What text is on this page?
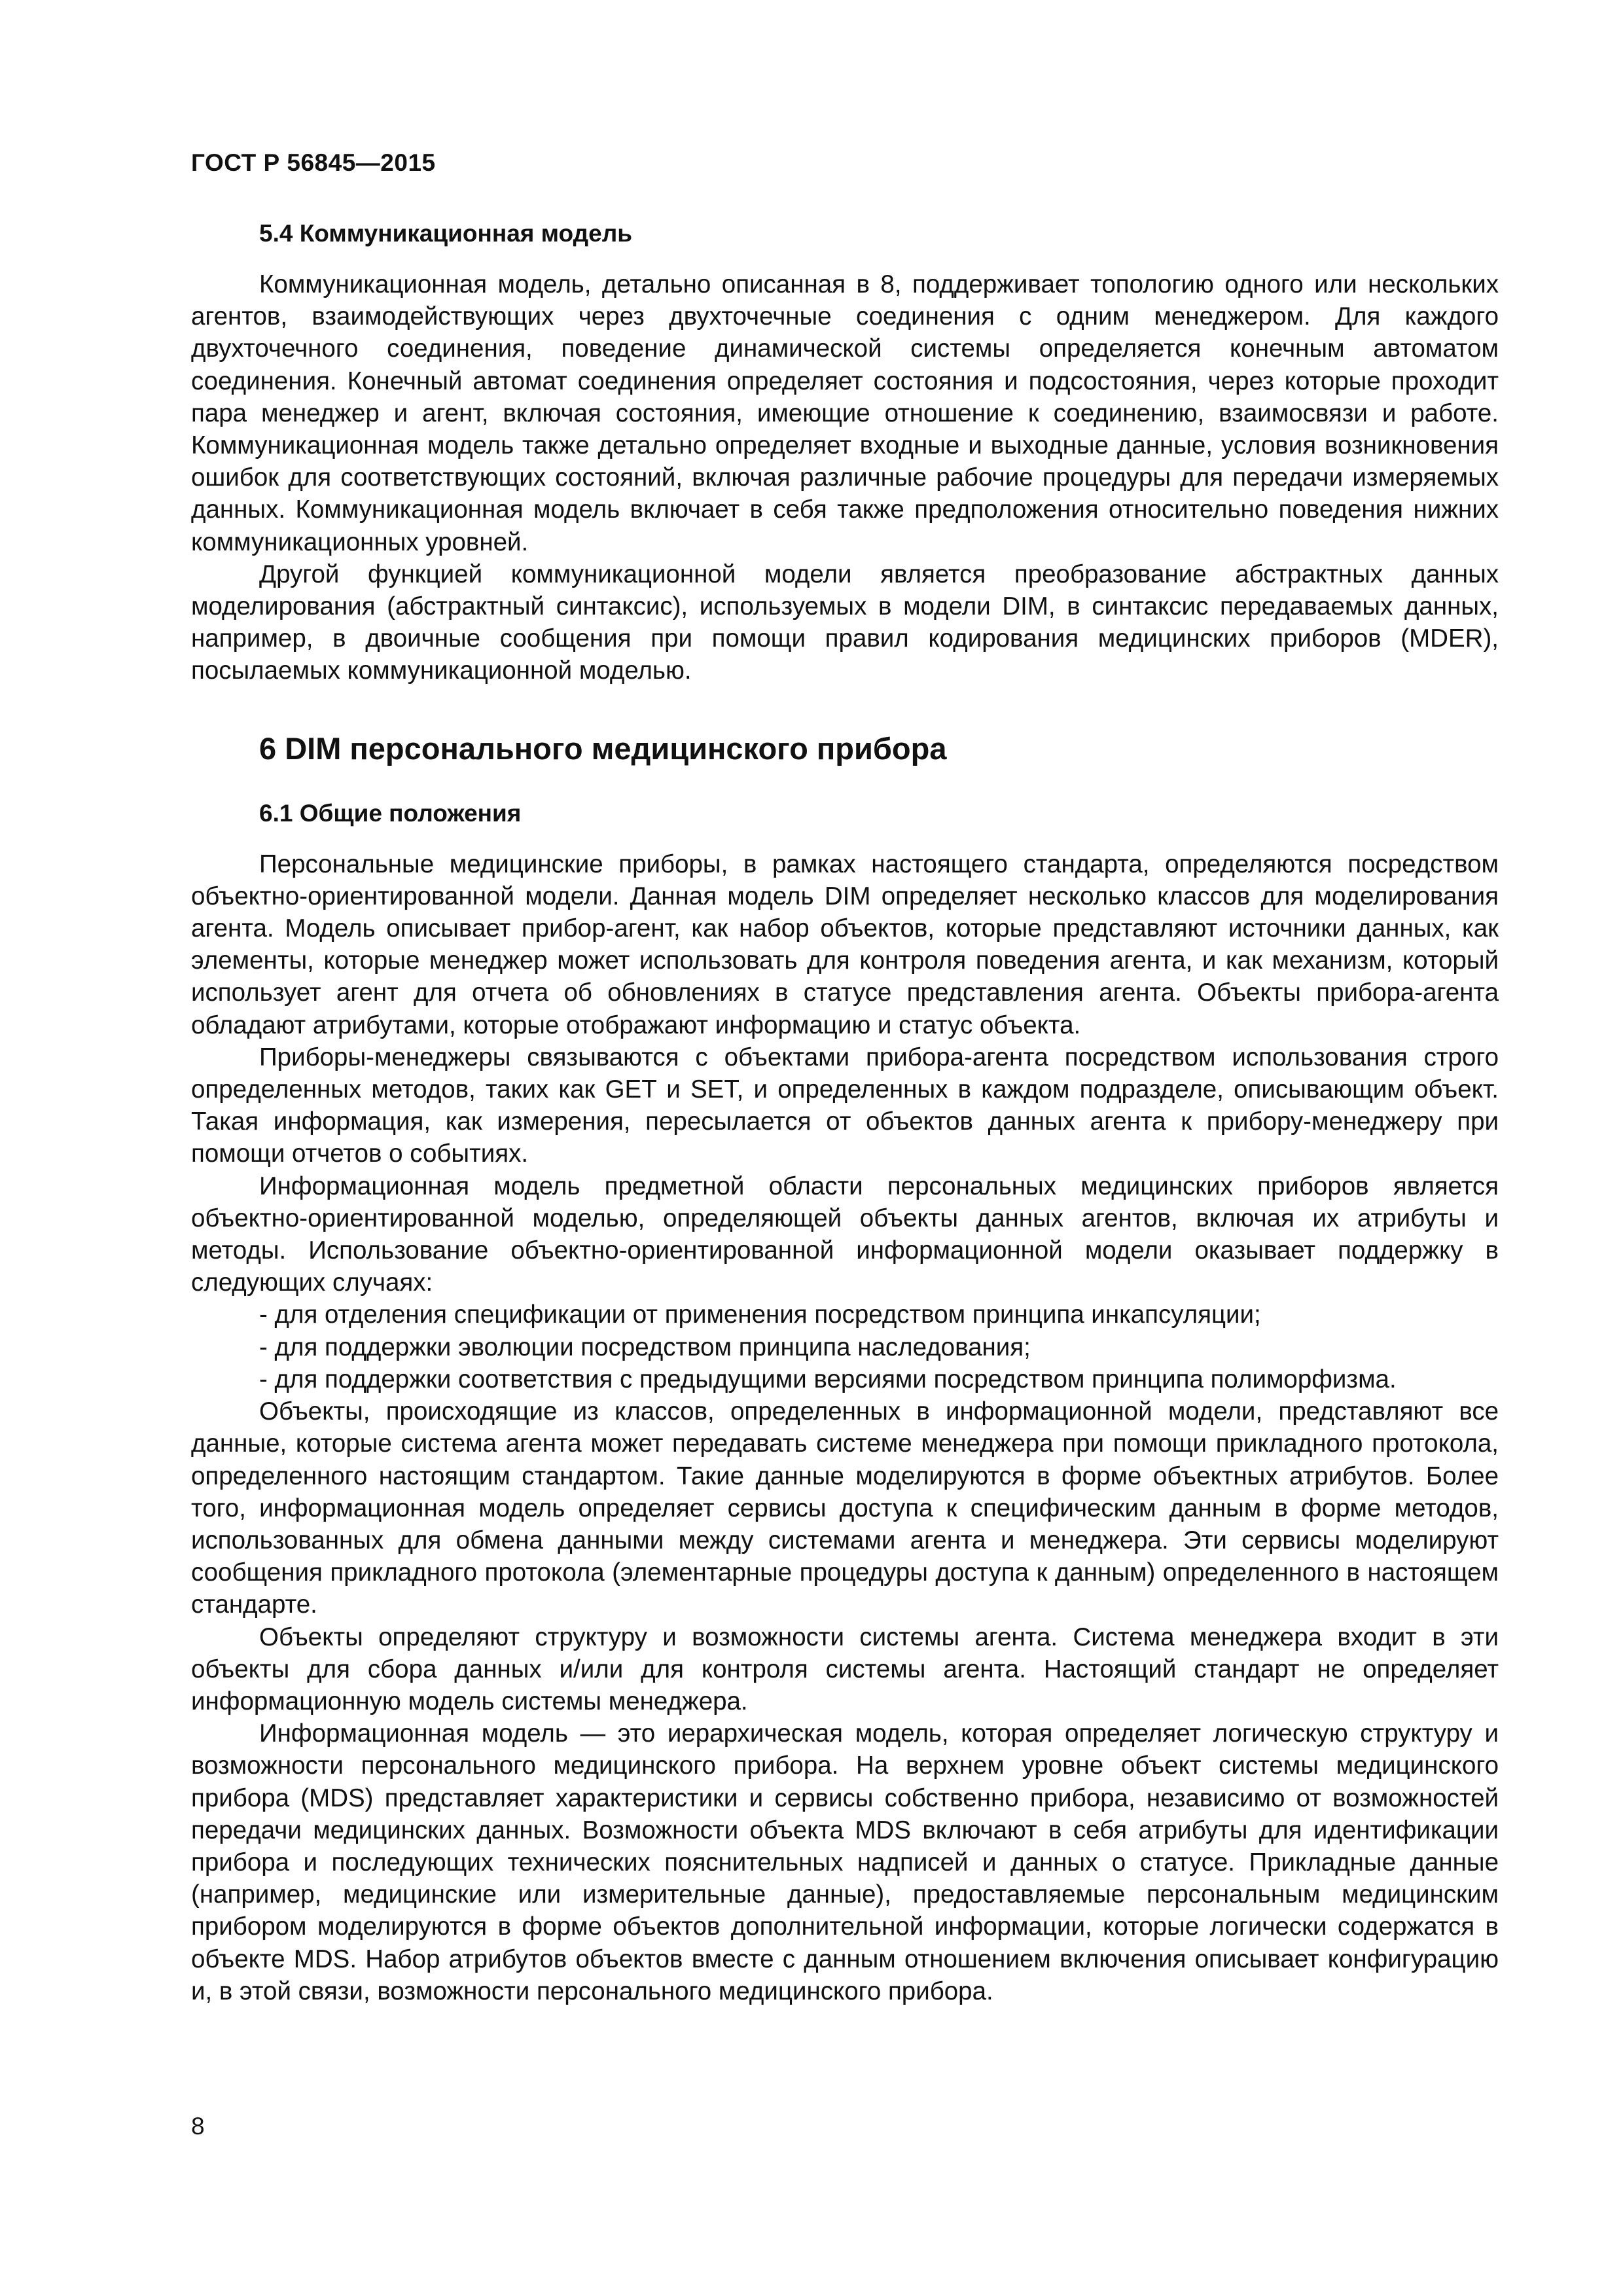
ГОСТ Р 56845—2015
5.4 Коммуникационная модель

Коммуникационная модель, детально описанная в 8, поддерживает топологию одного или нескольких агентов, взаимодействующих через двухточечные соединения с одним менеджером. Для каждого двухточечного соединения, поведение динамической системы определяется конечным автоматом соединения. Конечный автомат соединения определяет состояния и подсостояния, через которые проходит пара менеджер и агент, включая состояния, имеющие отношение к соединению, взаимосвязи и работе. Коммуникационная модель также детально определяет входные и выходные данные, условия возникновения ошибок для соответствующих состояний, включая различные рабочие процедуры для передачи измеряемых данных. Коммуникационная модель включает в себя также предположения относительно поведения нижних коммуникационных уровней.

Другой функцией коммуникационной модели является преобразование абстрактных данных моделирования (абстрактный синтаксис), используемых в модели DIM, в синтаксис передаваемых данных, например, в двоичные сообщения при помощи правил кодирования медицинских приборов (MDER), посылаемых коммуникационной моделью.

6 DIM персонального медицинского прибора
6.1 Общие положения

Персональные медицинские приборы, в рамках настоящего стандарта, определяются посредством объектно-ориентированной модели. Данная модель DIM определяет несколько классов для моделирования агента. Модель описывает прибор-агент, как набор объектов, которые представляют источники данных, как элементы, которые менеджер может использовать для контроля поведения агента, и как механизм, который использует агент для отчета об обновлениях в статусе представления агента. Объекты прибора-агента обладают атрибутами, которые отображают информацию и статус объекта.

Приборы-менеджеры связываются с объектами прибора-агента посредством использования строго определенных методов, таких как GET и SET, и определенных в каждом подразделе, описывающим объект. Такая информация, как измерения, пересылается от объектов данных агента к прибору-менеджеру при помощи отчетов о событиях.

Информационная модель предметной области персональных медицинских приборов является объектно-ориентированной моделью, определяющей объекты данных агентов, включая их атрибуты и методы. Использование объектно-ориентированной информационной модели оказывает поддержку в следующих случаях:

- для отделения спецификации от применения посредством принципа инкапсуляции;
- для поддержки эволюции посредством принципа наследования;
- для поддержки соответствия с предыдущими версиями посредством принципа полиморфизма.

Объекты, происходящие из классов, определенных в информационной модели, представляют все данные, которые система агента может передавать системе менеджера при помощи прикладного протокола, определенного настоящим стандартом. Такие данные моделируются в форме объектных атрибутов. Более того, информационная модель определяет сервисы доступа к специфическим данным в форме методов, использованных для обмена данными между системами агента и менеджера. Эти сервисы моделируют сообщения прикладного протокола (элементарные процедуры доступа к данным) определенного в настоящем стандарте.

Объекты определяют структуру и возможности системы агента. Система менеджера входит в эти объекты для сбора данных и/или для контроля системы агента. Настоящий стандарт не определяет информационную модель системы менеджера.

Информационная модель — это иерархическая модель, которая определяет логическую структуру и возможности персонального медицинского прибора. На верхнем уровне объект системы медицинского прибора (MDS) представляет характеристики и сервисы собственно прибора, независимо от возможностей передачи медицинских данных. Возможности объекта MDS включают в себя атрибуты для идентификации прибора и последующих технических пояснительных надписей и данных о статусе. Прикладные данные (например, медицинские или измерительные данные), предоставляемые персональным медицинским прибором моделируются в форме объектов дополнительной информации, которые логически содержатся в объекте MDS. Набор атрибутов объектов вместе с данным отношением включения описывает конфигурацию и, в этой связи, возможности персонального медицинского прибора.

8
